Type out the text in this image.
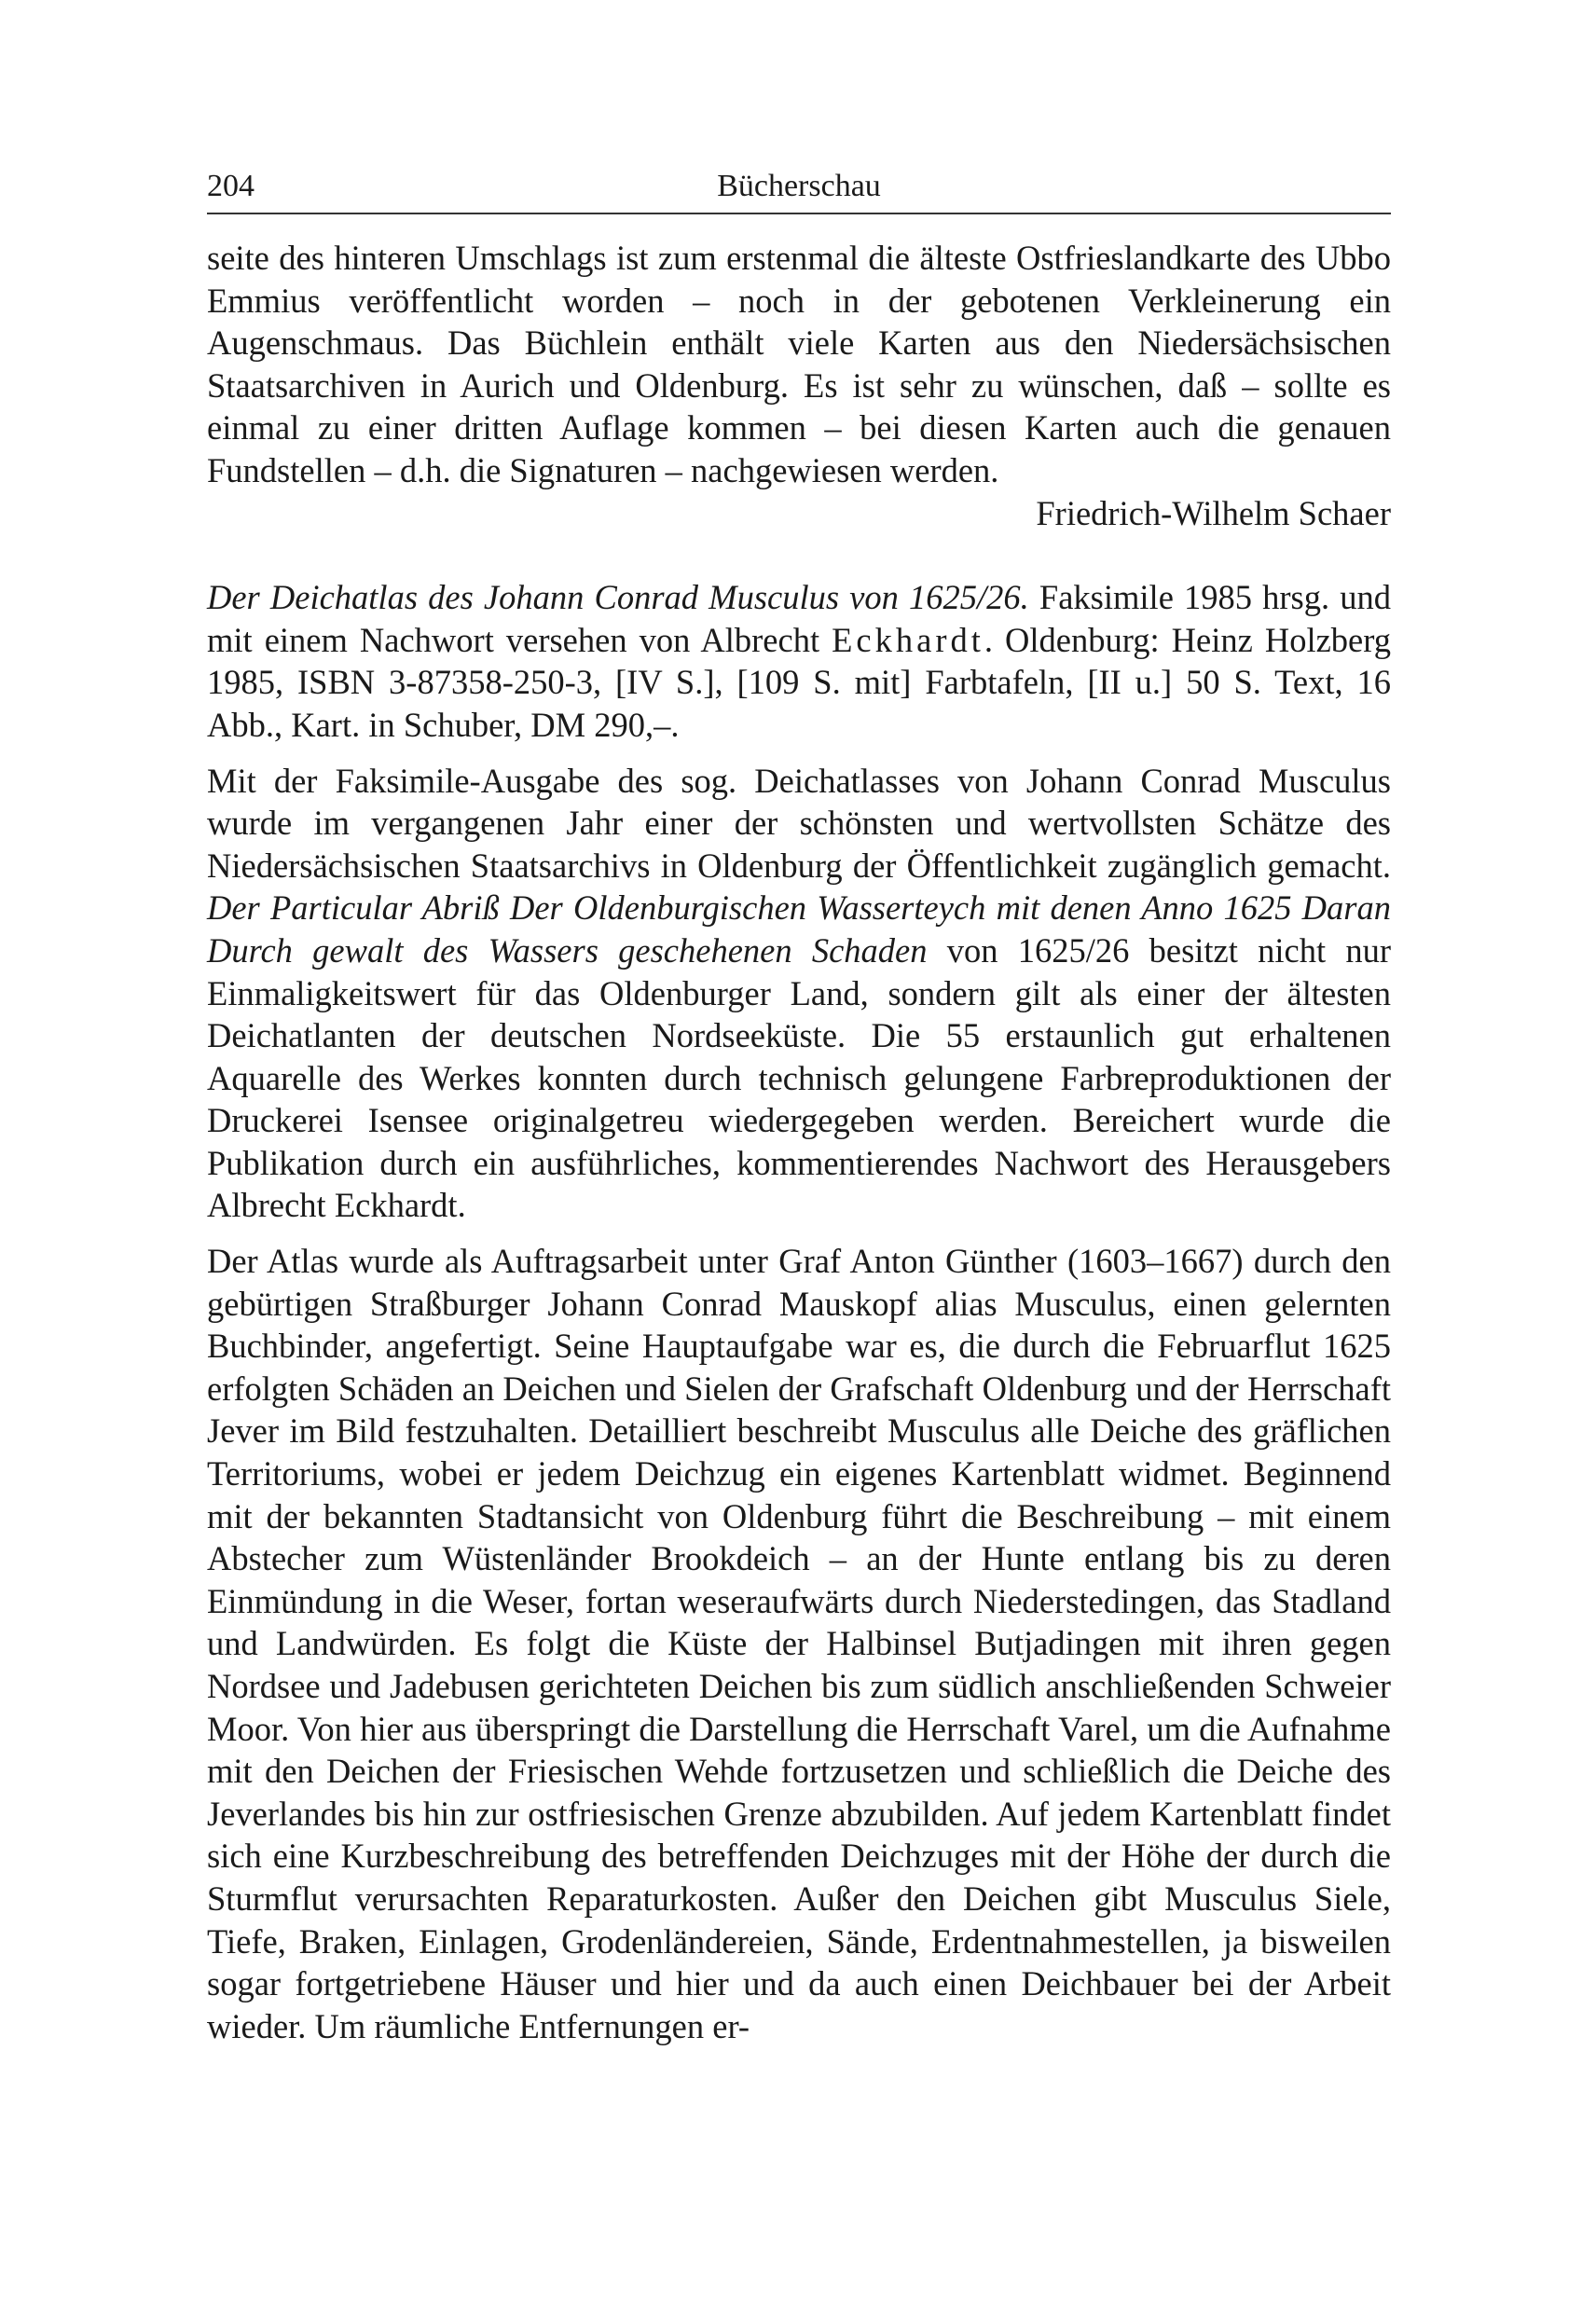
204	Bücherschau

seite des hinteren Umschlags ist zum erstenmal die älteste Ostfrieslandkarte des Ubbo Emmius veröffentlicht worden – noch in der gebotenen Verkleinerung ein Augenschmaus. Das Büchlein enthält viele Karten aus den Niedersächsischen Staatsarchiven in Aurich und Oldenburg. Es ist sehr zu wünschen, daß – sollte es einmal zu einer dritten Auflage kommen – bei diesen Karten auch die genauen Fundstellen – d.h. die Signaturen – nachgewiesen werden.

Friedrich-Wilhelm Schaer

Der Deichatlas des Johann Conrad Musculus von 1625/26. Faksimile 1985 hrsg. und mit einem Nachwort versehen von Albrecht Eckhardt. Oldenburg: Heinz Holzberg 1985, ISBN 3-87358-250-3, [IV S.], [109 S. mit] Farbtafeln, [II u.] 50 S. Text, 16 Abb., Kart. in Schuber, DM 290,–.

Mit der Faksimile-Ausgabe des sog. Deichatlasses von Johann Conrad Musculus wurde im vergangenen Jahr einer der schönsten und wertvollsten Schätze des Niedersächsischen Staatsarchivs in Oldenburg der Öffentlichkeit zugänglich gemacht. Der Particular Abriß Der Oldenburgischen Wasserteych mit denen Anno 1625 Daran Durch gewalt des Wassers geschehenen Schaden von 1625/26 besitzt nicht nur Einmaligkeitswert für das Oldenburger Land, sondern gilt als einer der ältesten Deichatlanten der deutschen Nordseeküste. Die 55 erstaunlich gut erhaltenen Aquarelle des Werkes konnten durch technisch gelungene Farbreproduktionen der Druckerei Isensee originalgetreu wiedergegeben werden. Bereichert wurde die Publikation durch ein ausführliches, kommentierendes Nachwort des Herausgebers Albrecht Eckhardt.

Der Atlas wurde als Auftragsarbeit unter Graf Anton Günther (1603–1667) durch den gebürtigen Straßburger Johann Conrad Mauskopf alias Musculus, einen gelernten Buchbinder, angefertigt. Seine Hauptaufgabe war es, die durch die Februarflut 1625 erfolgten Schäden an Deichen und Sielen der Grafschaft Oldenburg und der Herrschaft Jever im Bild festzuhalten. Detailliert beschreibt Musculus alle Deiche des gräflichen Territoriums, wobei er jedem Deichzug ein eigenes Kartenblatt widmet. Beginnend mit der bekannten Stadtansicht von Oldenburg führt die Beschreibung – mit einem Abstecher zum Wüstenländer Brookdeich – an der Hunte entlang bis zu deren Einmündung in die Weser, fortan weseraufwärts durch Niederstedingen, das Stadland und Landwürden. Es folgt die Küste der Halbinsel Butjadingen mit ihren gegen Nordsee und Jadebusen gerichteten Deichen bis zum südlich anschließenden Schweier Moor. Von hier aus überspringt die Darstellung die Herrschaft Varel, um die Aufnahme mit den Deichen der Friesischen Wehde fortzusetzen und schließlich die Deiche des Jeverlandes bis hin zur ostfriesischen Grenze abzubilden. Auf jedem Kartenblatt findet sich eine Kurzbeschreibung des betreffenden Deichzuges mit der Höhe der durch die Sturmflut verursachten Reparaturkosten. Außer den Deichen gibt Musculus Siele, Tiefe, Braken, Einlagen, Grodenländereien, Sände, Erdentnahmestellen, ja bisweilen sogar fortgetriebene Häuser und hier und da auch einen Deichbauer bei der Arbeit wieder. Um räumliche Entfernungen er-
